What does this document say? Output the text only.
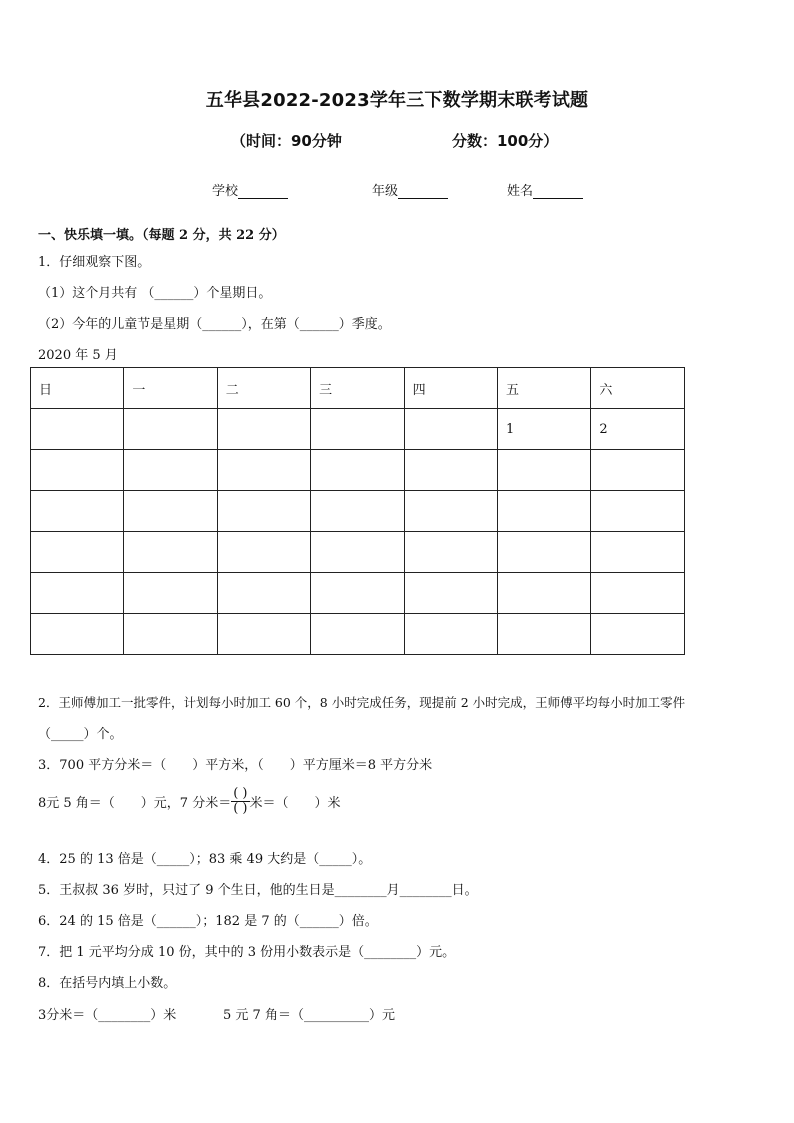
五华县2022-2023学年三下数学期末联考试题
（时间：90分钟	分数：100分）
学校	年级	姓名
一、快乐填一填。（每题 2 分，共 22 分）
1．仔细观察下图。
（1）这个月共有 （______）个星期日。
（2）今年的儿童节是星期（______），在第（______）季度。
2020 年 5 月
日	一	二	三	四	五	六
					1	2

2．王师傅加工一批零件，计划每小时加工 60 个，8 小时完成任务，现提前 2 小时完成，王师傅平均每小时加工零件
（_____）个。
3．700 平方分米＝（　　）平方米，（　　）平方厘米＝8 平方分米
8元 5 角＝（　　）元，7 分米＝ $\frac{( )}{( )}$ 米＝（　　）米
4．25 的 13 倍是（_____）；83 乘 49 大约是（_____）。
5．王叔叔 36 岁时，只过了 9 个生日，他的生日是________月________日。
6．24 的 15 倍是（______）；182 是 7 的（______）倍。
7．把 1 元平均分成 10 份，其中的 3 份用小数表示是（________）元。
8．在括号内填上小数。
3分米＝（________）米	5 元 7 角＝（__________）元
